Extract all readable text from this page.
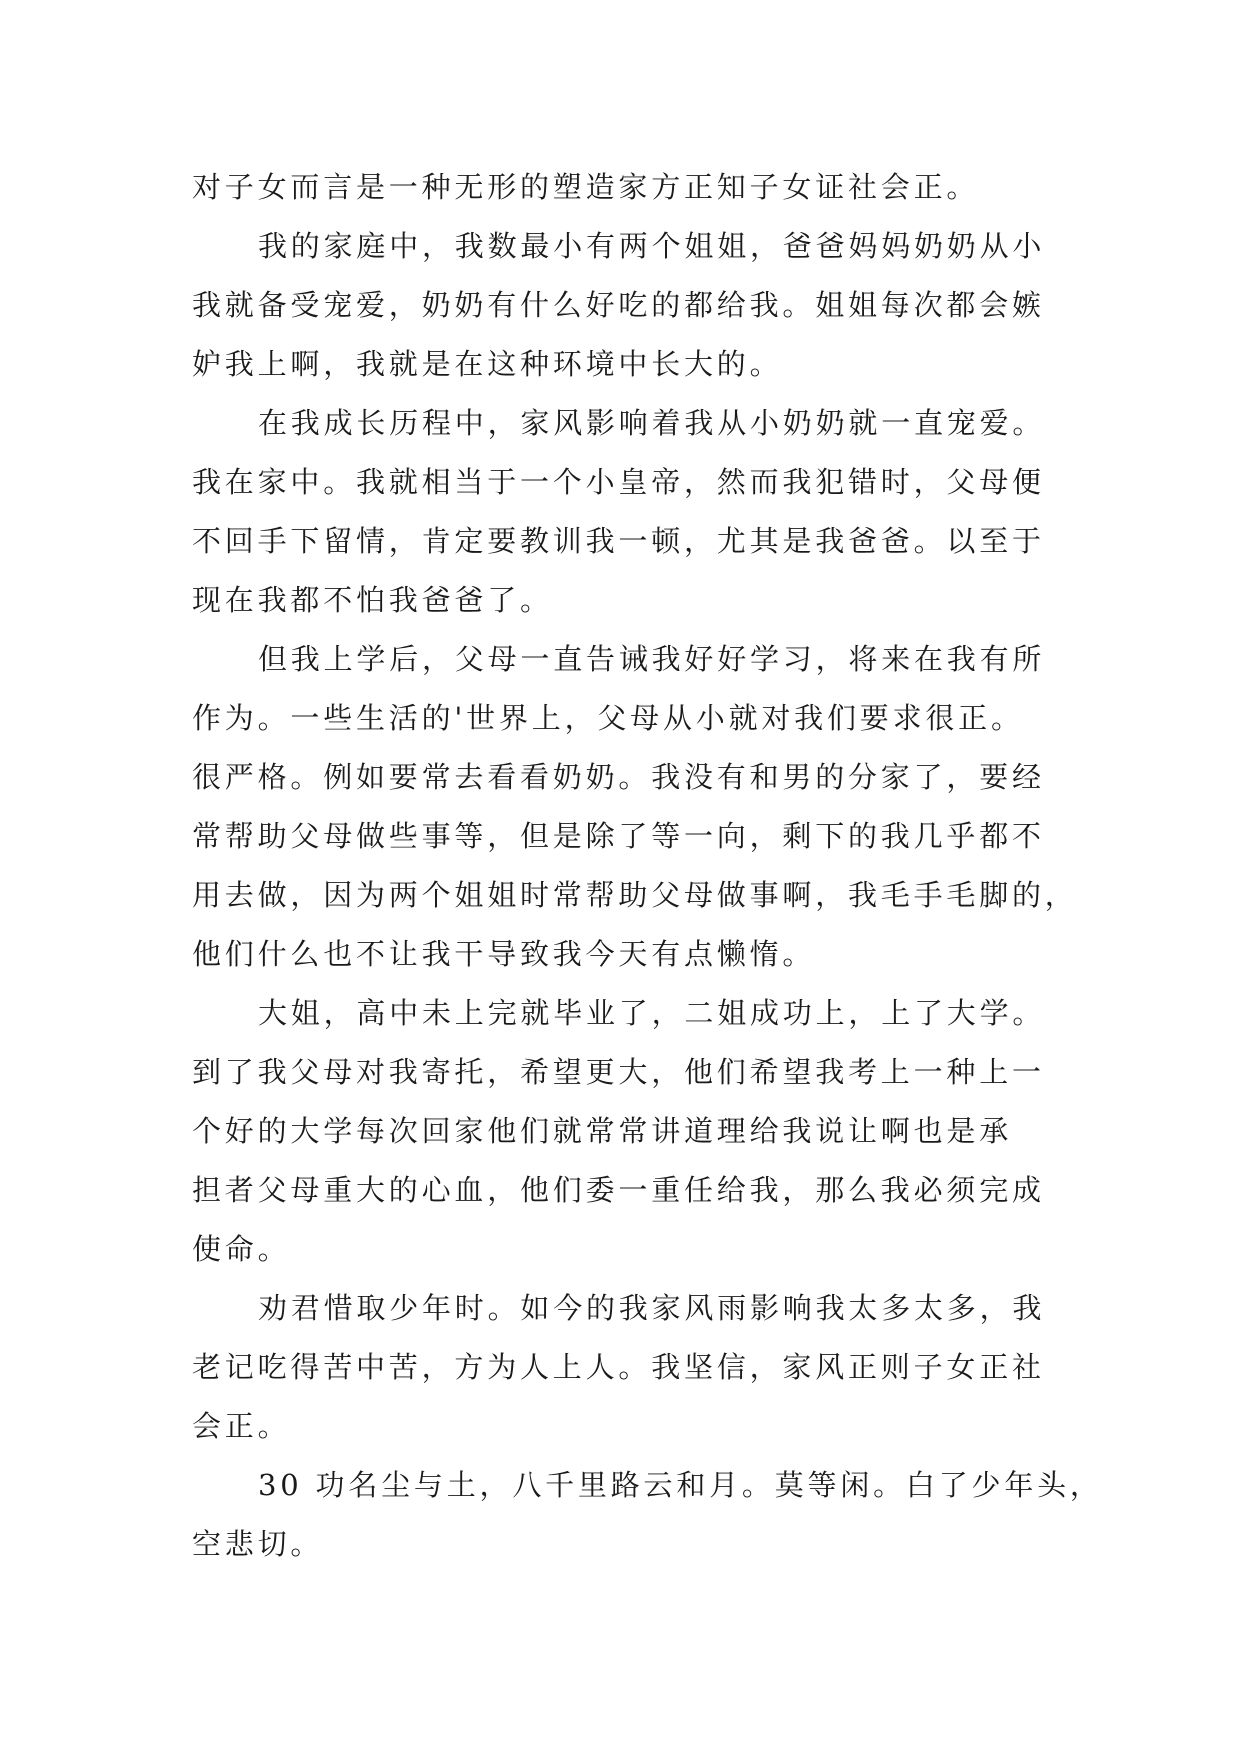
对子女而言是一种无形的塑造家方正知子女证社会正。
我的家庭中，我数最小有两个姐姐，爸爸妈妈奶奶从小
我就备受宠爱，奶奶有什么好吃的都给我。姐姐每次都会嫉
妒我上啊，我就是在这种环境中长大的。
在我成长历程中，家风影响着我从小奶奶就一直宠爱。
我在家中。我就相当于一个小皇帝，然而我犯错时，父母便
不回手下留情，肯定要教训我一顿，尤其是我爸爸。以至于
现在我都不怕我爸爸了。
但我上学后，父母一直告诫我好好学习，将来在我有所
作为。一些生活的'世界上，父母从小就对我们要求很正。
很严格。例如要常去看看奶奶。我没有和男的分家了，要经
常帮助父母做些事等，但是除了等一向，剩下的我几乎都不
用去做，因为两个姐姐时常帮助父母做事啊，我毛手毛脚的，
他们什么也不让我干导致我今天有点懒惰。
大姐，高中未上完就毕业了，二姐成功上，上了大学。
到了我父母对我寄托，希望更大，他们希望我考上一种上一
个好的大学每次回家他们就常常讲道理给我说让啊也是承
担者父母重大的心血，他们委一重任给我，那么我必须完成
使命。
劝君惜取少年时。如今的我家风雨影响我太多太多，我
老记吃得苦中苦，方为人上人。我坚信，家风正则子女正社
会正。
30 功名尘与土，八千里路云和月。莫等闲。白了少年头，
空悲切。
